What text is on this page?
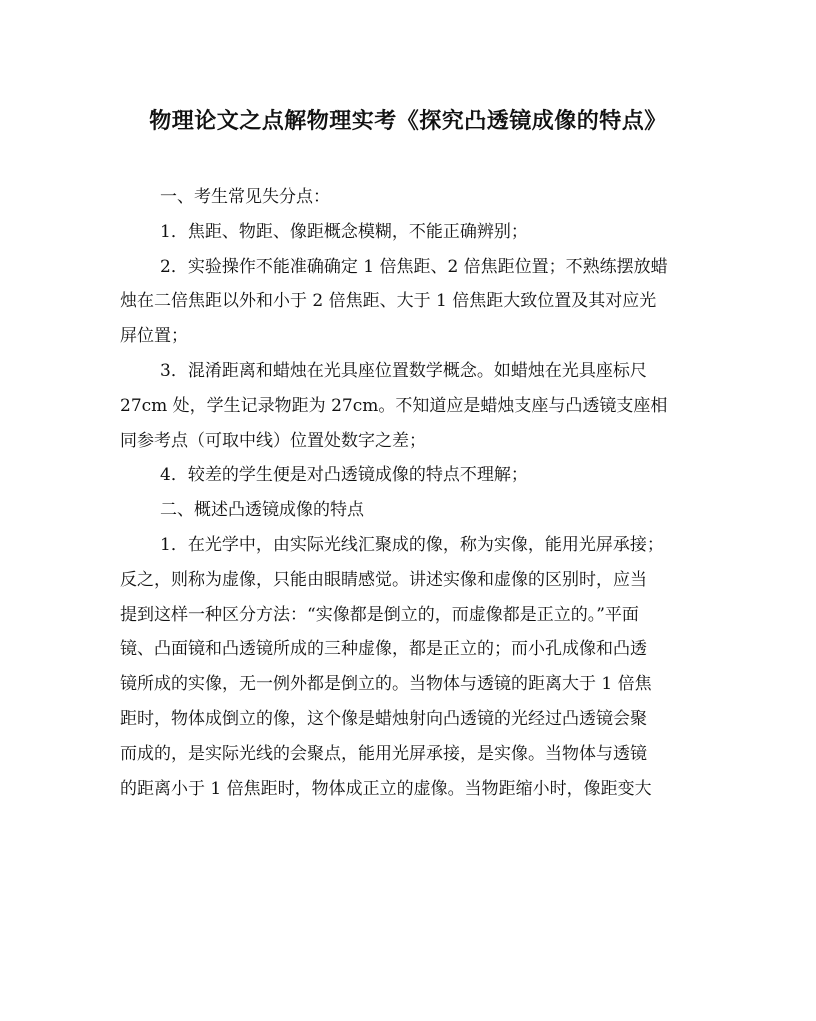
物理论文之点解物理实考《探究凸透镜成像的特点》
一、考生常见失分点：
1．焦距、物距、像距概念模糊，不能正确辨别；
2．实验操作不能准确确定 1 倍焦距、2 倍焦距位置；不熟练摆放蜡
烛在二倍焦距以外和小于 2 倍焦距、大于 1 倍焦距大致位置及其对应光
屏位置；
3．混淆距离和蜡烛在光具座位置数学概念。如蜡烛在光具座标尺
27cm 处，学生记录物距为 27cm。不知道应是蜡烛支座与凸透镜支座相
同参考点（可取中线）位置处数字之差；
4．较差的学生便是对凸透镜成像的特点不理解；
二、概述凸透镜成像的特点
1．在光学中，由实际光线汇聚成的像，称为实像，能用光屏承接；
反之，则称为虚像，只能由眼睛感觉。讲述实像和虚像的区别时，应当
提到这样一种区分方法：“实像都是倒立的，而虚像都是正立的。”平面
镜、凸面镜和凸透镜所成的三种虚像，都是正立的；而小孔成像和凸透
镜所成的实像，无一例外都是倒立的。当物体与透镜的距离大于 1 倍焦
距时，物体成倒立的像，这个像是蜡烛射向凸透镜的光经过凸透镜会聚
而成的，是实际光线的会聚点，能用光屏承接，是实像。当物体与透镜
的距离小于 1 倍焦距时，物体成正立的虚像。当物距缩小时，像距变大
